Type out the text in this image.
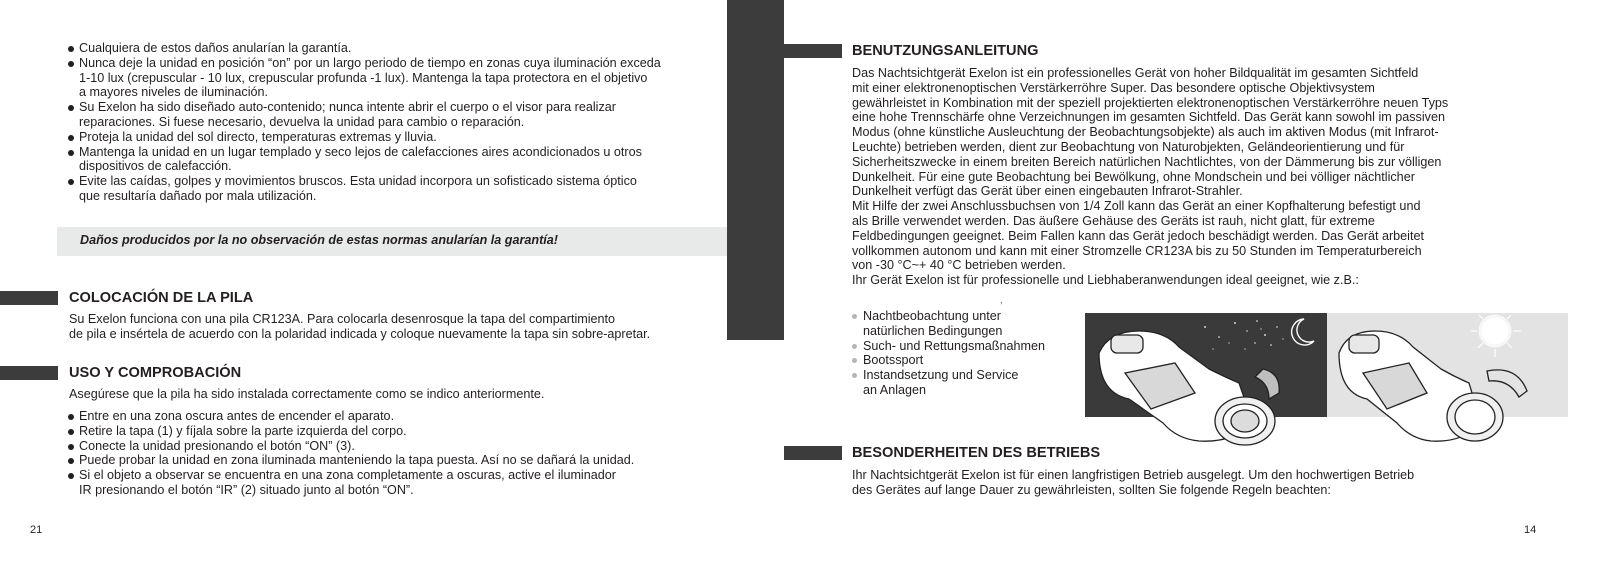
Cualquiera de estos daños anularían la garantía.
Nunca deje la unidad en posición “on” por un largo periodo de tiempo en zonas cuya iluminación exceda
1-10 lux (crepuscular - 10 lux, crepuscular profunda -1 lux). Mantenga la tapa protectora en el objetivo
a mayores niveles de iluminación.
Su Exelon ha sido diseñado auto-contenido; nunca intente abrir el cuerpo o el visor para realizar
reparaciones. Si fuese necesario, devuelva la unidad para cambio o reparación.
Proteja la unidad del sol directo, temperaturas extremas y lluvia.
Mantenga la unidad en un lugar templado y seco lejos de calefacciones aires acondicionados u otros
dispositivos de calefacción.
Evite las caídas, golpes y movimientos bruscos. Esta unidad incorpora un sofisticado sistema óptico
que resultaría dañado por mala utilización.
Daños producidos por la no observación de estas normas anularían la garantía!
COLOCACIÓN DE LA PILA
Su Exelon funciona con una pila CR123A. Para colocarla desenrosque la tapa del compartimiento
de pila e insértela de acuerdo con la polaridad indicada y coloque nuevamente la tapa sin sobre-apretar.
USO Y COMPROBACIÓN
Asegúrese que la pila ha sido instalada correctamente como se indico anteriormente.
Entre en una zona oscura antes de encender el aparato.
Retire la tapa (1) y fíjala sobre la parte izquierda del corpo.
Conecte la unidad presionando el botón “ON” (3).
Puede probar la unidad en zona iluminada manteniendo la tapa puesta. Así no se dañará la unidad.
Si el objeto a observar se encuentra en una zona completamente a oscuras, active el iluminador
IR presionando el botón “IR” (2) situado junto al botón “ON”.
21
BENUTZUNGSANLEITUNG
Das Nachtsichtgerät Exelon ist ein professionelles Gerät von hoher Bildqualität im gesamten Sichtfeld
mit einer elektronenoptischen Verstärkerröhre Super. Das besondere optische Objektivsystem
gewährleistet in Kombination mit der speziell projektierten elektronenoptischen Verstärkerröhre neuen Typs
eine hohe Trennschärfe ohne Verzeichnungen im gesamten Sichtfeld. Das Gerät kann sowohl im passiven
Modus (ohne künstliche Ausleuchtung der Beobachtungsobjekte) als auch im aktiven Modus (mit Infrarot-
Leuchte) betrieben werden, dient zur Beobachtung von Naturobjekten, Geländeorientierung und für
Sicherheitszwecke in einem breiten Bereich natürlichen Nachtlichtes, von der Dämmerung bis zur völligen
Dunkelheit. Für eine gute Beobachtung bei Bewölkung, ohne Mondschein und bei völliger nächtlicher
Dunkelheit verfügt das Gerät über einen eingebauten Infrarot-Strahler.
Mit Hilfe der zwei Anschlussbuchsen von 1/4 Zoll kann das Gerät an einer Kopfhalterung befestigt und
als Brille verwendet werden. Das äußere Gehäuse des Geräts ist rauh, nicht glatt, für extreme
Feldbedingungen geeignet. Beim Fallen kann das Gerät jedoch beschädigt werden. Das Gerät arbeitet
vollkommen autonom und kann mit einer Stromzelle CR123A bis zu 50 Stunden im Temperaturbereich
von -30 °C~+ 40 °C betrieben werden.
Ihr Gerät Exelon ist für professionelle und Liebhaberanwendungen ideal geeignet, wie z.B.:
,
Nachtbeobachtung unter
natürlichen Bedingungen
Such- und Rettungsmaßnahmen
Bootssport
Instandsetzung und Service
an Anlagen
BESONDERHEITEN DES BETRIEBS
Ihr Nachtsichtgerät Exelon ist für einen langfristigen Betrieb ausgelegt. Um den hochwertigen Betrieb
des Gerätes auf lange Dauer zu gewährleisten, sollten Sie folgende Regeln beachten:
14
